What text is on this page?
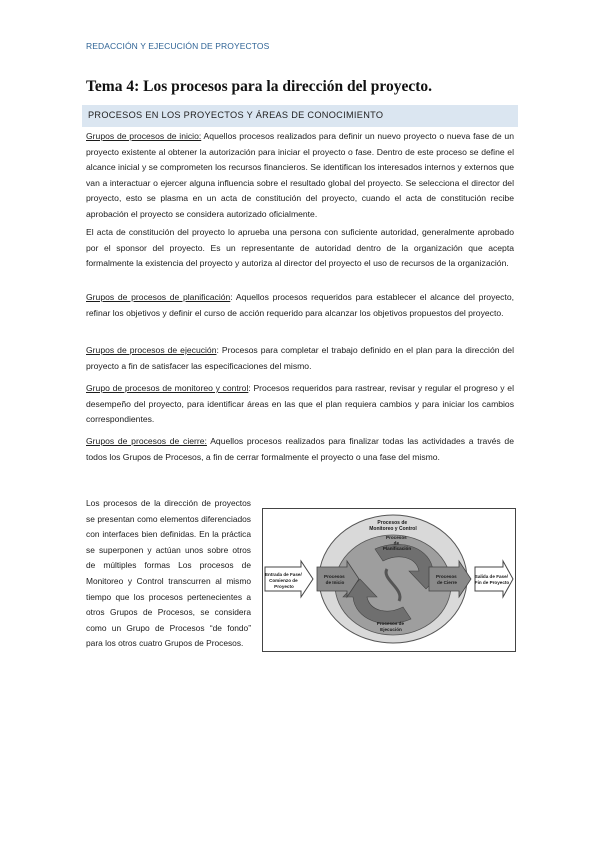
REDACCIÓN Y EJECUCIÓN DE PROYECTOS
Tema 4: Los procesos para la dirección del proyecto.
PROCESOS EN LOS PROYECTOS Y ÁREAS DE CONOCIMIENTO
Grupos de procesos de inicio: Aquellos procesos realizados para definir un nuevo proyecto o nueva fase de un proyecto existente al obtener la autorización para iniciar el proyecto o fase. Dentro de este proceso se define el alcance inicial y se comprometen los recursos financieros. Se identifican los interesados internos y externos que van a interactuar o ejercer alguna influencia sobre el resultado global del proyecto. Se selecciona el director del proyecto, esto se plasma en un acta de constitución del proyecto, cuando el acta de constitución recibe aprobación el proyecto se considera autorizado oficialmente.
El acta de constitución del proyecto lo aprueba una persona con suficiente autoridad, generalmente aprobado por el sponsor del proyecto. Es un representante de autoridad dentro de la organización que acepta formalmente la existencia del proyecto y autoriza al director del proyecto el uso de recursos de la organización.
Grupos de procesos de planificación: Aquellos procesos requeridos para establecer el alcance del proyecto, refinar los objetivos y definir el curso de acción requerido para alcanzar los objetivos propuestos del proyecto.
Grupos de procesos de ejecución: Procesos para completar el trabajo definido en el plan para la dirección del proyecto a fin de satisfacer las especificaciones del mismo.
Grupo de procesos de monitoreo y control: Procesos requeridos para rastrear, revisar y regular el progreso y el desempeño del proyecto, para identificar áreas en las que el plan requiera cambios y para iniciar los cambios correspondientes.
Grupos de procesos de cierre: Aquellos procesos realizados para finalizar todas las actividades a través de todos los Grupos de Procesos, a fin de cerrar formalmente el proyecto o una fase del mismo.
Los procesos de la dirección de proyectos se presentan como elementos diferenciados con interfaces bien definidas. En la práctica se superponen y actúan unos sobre otros de múltiples formas Los procesos de Monitoreo y Control transcurren al mismo tiempo que los procesos pertenecientes a otros Grupos de Procesos, se considera como un Grupo de Procesos “de fondo” para los otros cuatro Grupos de Procesos.
Entrada de Fase/ Comienzo de Proyecto
Procesos de Inicio
Procesos de Monitoreo y Control
Procesos de Planificación
Procesos de Ejecución
Procesos de Cierre
Salida de Fase/ Fin de Proyecto
